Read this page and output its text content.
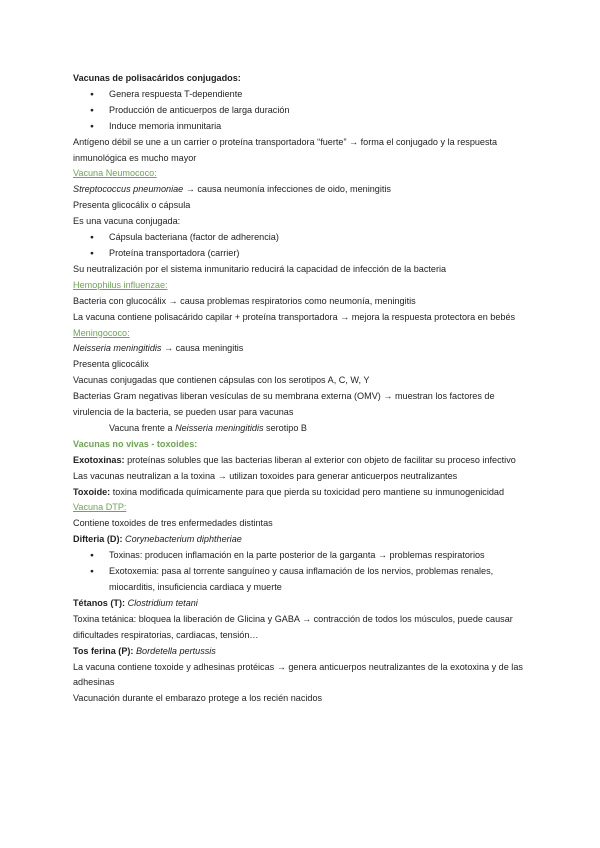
Vacunas de polisacáridos conjugados:
● Genera respuesta T-dependiente
● Producción de anticuerpos de larga duración
● Induce memoria inmunitaria
Antígeno débil se une a un carrier o proteína transportadora “fuerte” → forma el conjugado y la respuesta inmunológica es mucho mayor
Vacuna Neumococo:
Streptococcus pneumoniae → causa neumonía infecciones de oido, meningitis
Presenta glicocálix o cápsula
Es una vacuna conjugada:
● Cápsula bacteriana (factor de adherencia)
● Proteína transportadora (carrier)
Su neutralización por el sistema inmunitario reducirá la capacidad de infección de la bacteria
Hemophilus influenzae:
Bacteria con glucocálix → causa problemas respiratorios como neumonía, meningitis
La vacuna contiene polisacárido capilar + proteína transportadora → mejora la respuesta protectora en bebés
Meningococo:
Neisseria meningitidis → causa meningitis
Presenta glicocálix
Vacunas conjugadas que contienen cápsulas con los serotipos A, C, W, Y
Bacterias Gram negativas liberan vesículas de su membrana externa (OMV) → muestran los factores de virulencia de la bacteria, se pueden usar para vacunas
Vacuna frente a Neisseria meningitidis serotipo B
Vacunas no vivas - toxoides:
Exotoxinas: proteínas solubles que las bacterias liberan al exterior con objeto de facilitar su proceso infectivo
Las vacunas neutralizan a la toxina → utilizan toxoides para generar anticuerpos neutralizantes
Toxoide: toxina modificada químicamente para que pierda su toxicidad pero mantiene su inmunogenicidad
Vacuna DTP:
Contiene toxoides de tres enfermedades distintas
Difteria (D): Corynebacterium diphtheriae
● Toxinas: producen inflamación en la parte posterior de la garganta → problemas respiratorios
● Exotoxemia: pasa al torrente sanguíneo y causa inflamación de los nervios, problemas renales, miocarditis, insuficiencia cardiaca y muerte
Tétanos (T): Clostridium tetani
Toxina tetánica: bloquea la liberación de Glicina y GABA → contracción de todos los músculos, puede causar dificultades respiratorias, cardiacas, tensión…
Tos ferina (P): Bordetella pertussis
La vacuna contiene toxoide y adhesinas protéicas → genera anticuerpos neutralizantes de la exotoxina y de las adhesinas
Vacunación durante el embarazo protege a los recién nacidos
